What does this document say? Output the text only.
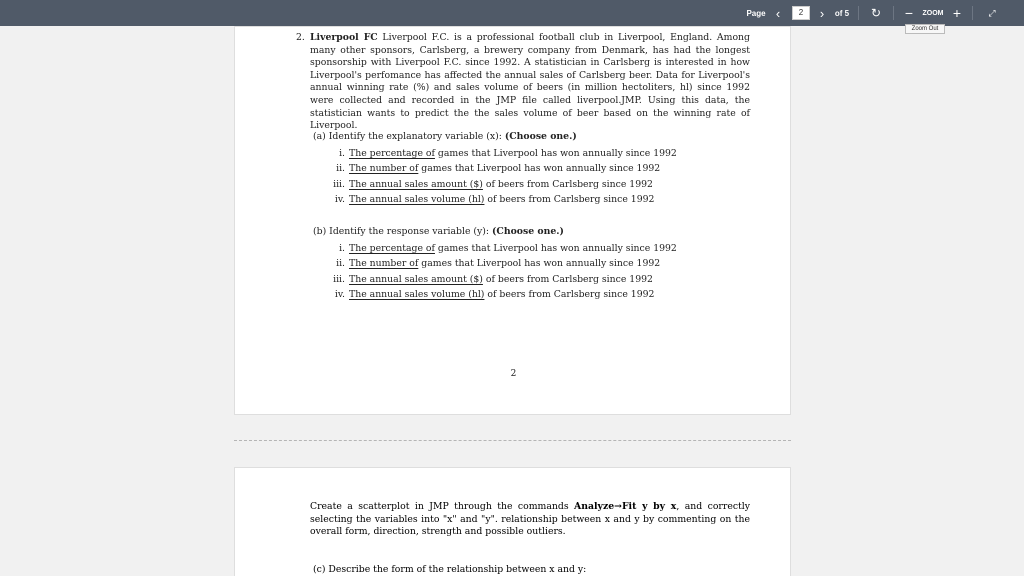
Page ‹	2	›	of 5	↻	−	ZOOM +	⤢
Zoom Out
2. Liverpool FC Liverpool F.C. is a professional football club in Liverpool, England. Among many other sponsors, Carlsberg, a brewery company from Denmark, has had the longest sponsorship with Liverpool F.C. since 1992. A statistician in Carlsberg is interested in how Liverpool's perfomance has affected the annual sales of Carlsberg beer. Data for Liverpool's annual winning rate (%) and sales volume of beers (in million hectoliters, hl) since 1992 were collected and recorded in the JMP file called liverpool.JMP. Using this data, the statistician wants to predict the the sales volume of beer based on the winning rate of Liverpool.
(a) Identify the explanatory variable (x): (Choose one.)
i. The percentage of games that Liverpool has won annually since 1992
ii. The number of games that Liverpool has won annually since 1992
iii. The annual sales amount ($) of beers from Carlsberg since 1992
iv. The annual sales volume (hl) of beers from Carlsberg since 1992
(b) Identify the response variable (y): (Choose one.)
i. The percentage of games that Liverpool has won annually since 1992
ii. The number of games that Liverpool has won annually since 1992
iii. The annual sales amount ($) of beers from Carlsberg since 1992
iv. The annual sales volume (hl) of beers from Carlsberg since 1992
2
Create a scatterplot in JMP through the commands Analyze→Fit y by x, and correctly selecting the variables into "x" and "y". relationship between x and y by commenting on the overall form, direction, strength and possible outliers.
(c) Describe the form of the relationship between x and y:
